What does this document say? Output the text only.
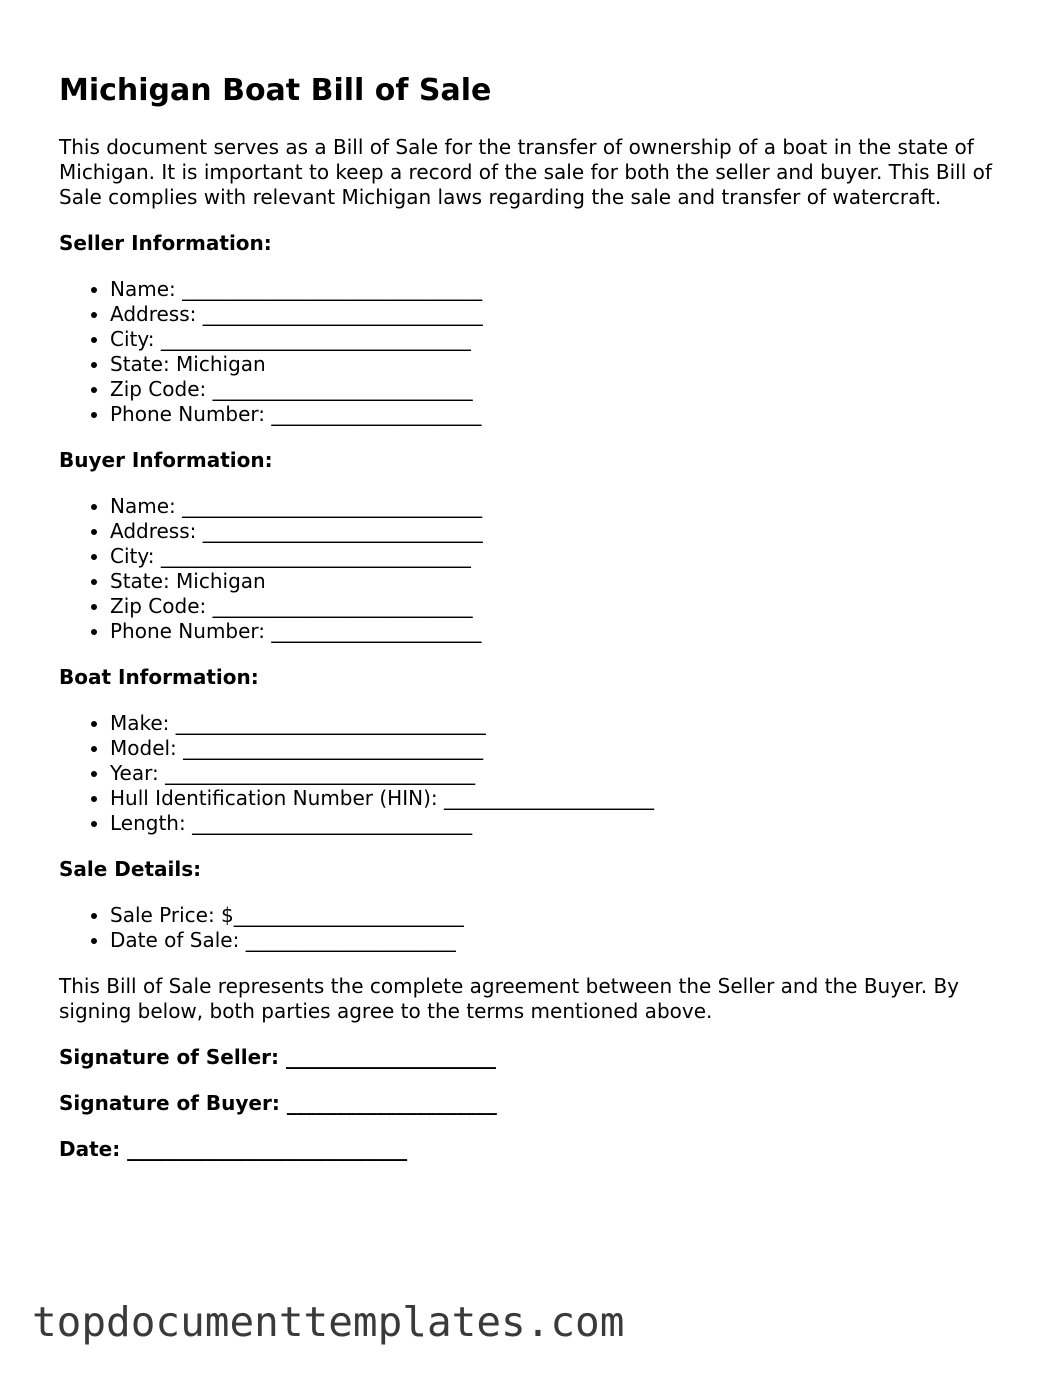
Michigan Boat Bill of Sale

This document serves as a Bill of Sale for the transfer of ownership of a boat in the state of Michigan. It is important to keep a record of the sale for both the seller and buyer. This Bill of Sale complies with relevant Michigan laws regarding the sale and transfer of watercraft.

Seller Information:
• Name: ______________________________
• Address: ____________________________
• City: _______________________________
• State: Michigan
• Zip Code: __________________________
• Phone Number: _____________________
Buyer Information:
• Name: ______________________________
• Address: ____________________________
• City: _______________________________
• State: Michigan
• Zip Code: __________________________
• Phone Number: _____________________
Boat Information:
• Make: _______________________________
• Model: ______________________________
• Year: _______________________________
• Hull Identification Number (HIN): _____________________
• Length: ____________________________
Sale Details:
• Sale Price: $_______________________
• Date of Sale: _____________________

This Bill of Sale represents the complete agreement between the Seller and the Buyer. By signing below, both parties agree to the terms mentioned above.

Signature of Seller: _____________________
Signature of Buyer: _____________________
Date: ____________________________
topdocumenttemplates.com
